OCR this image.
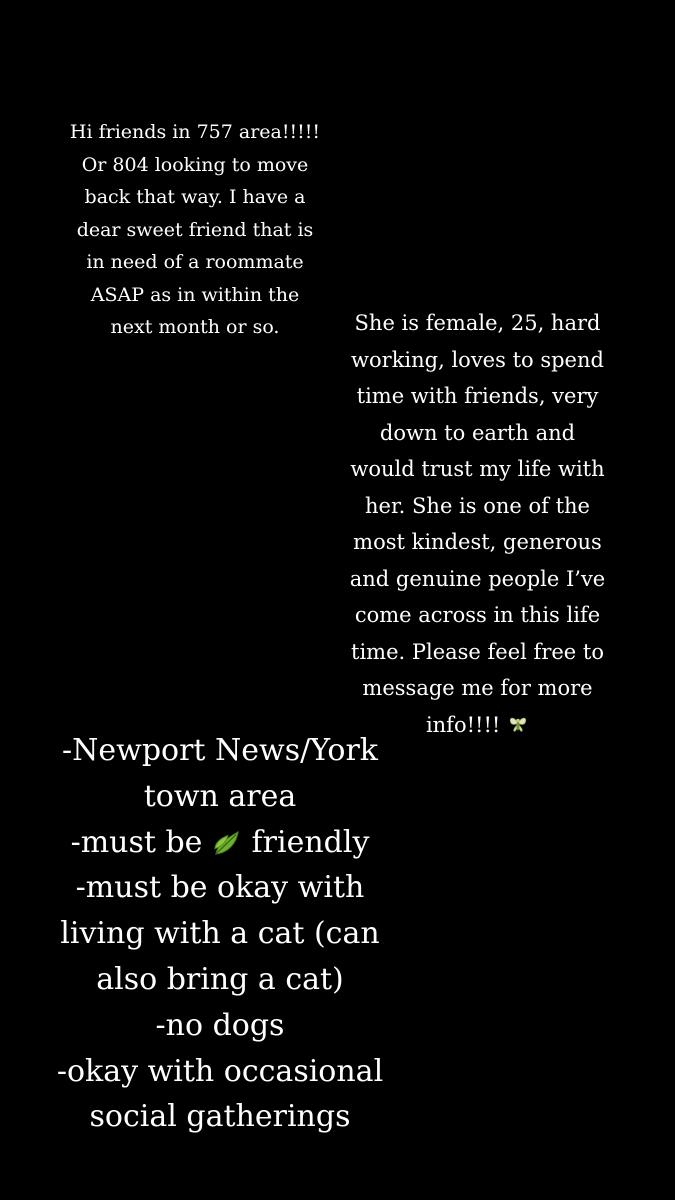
Hi friends in 757 area!!!!!
Or 804 looking to move
back that way. I have a
dear sweet friend that is
in need of a roommate
ASAP as in within the
next month or so.	She is female, 25, hard
working, loves to spend
time with friends, very
down to earth and
would trust my life with
her. She is one of the
most kindest, generous
and genuine people I’ve
come across in this life
time. Please feel free to
message me for more
info!!!!
-Newport News/York
town area
-must be friendly
-must be okay with
living with a cat (can
also bring a cat)
-no dogs
-okay with occasional
social gatherings
